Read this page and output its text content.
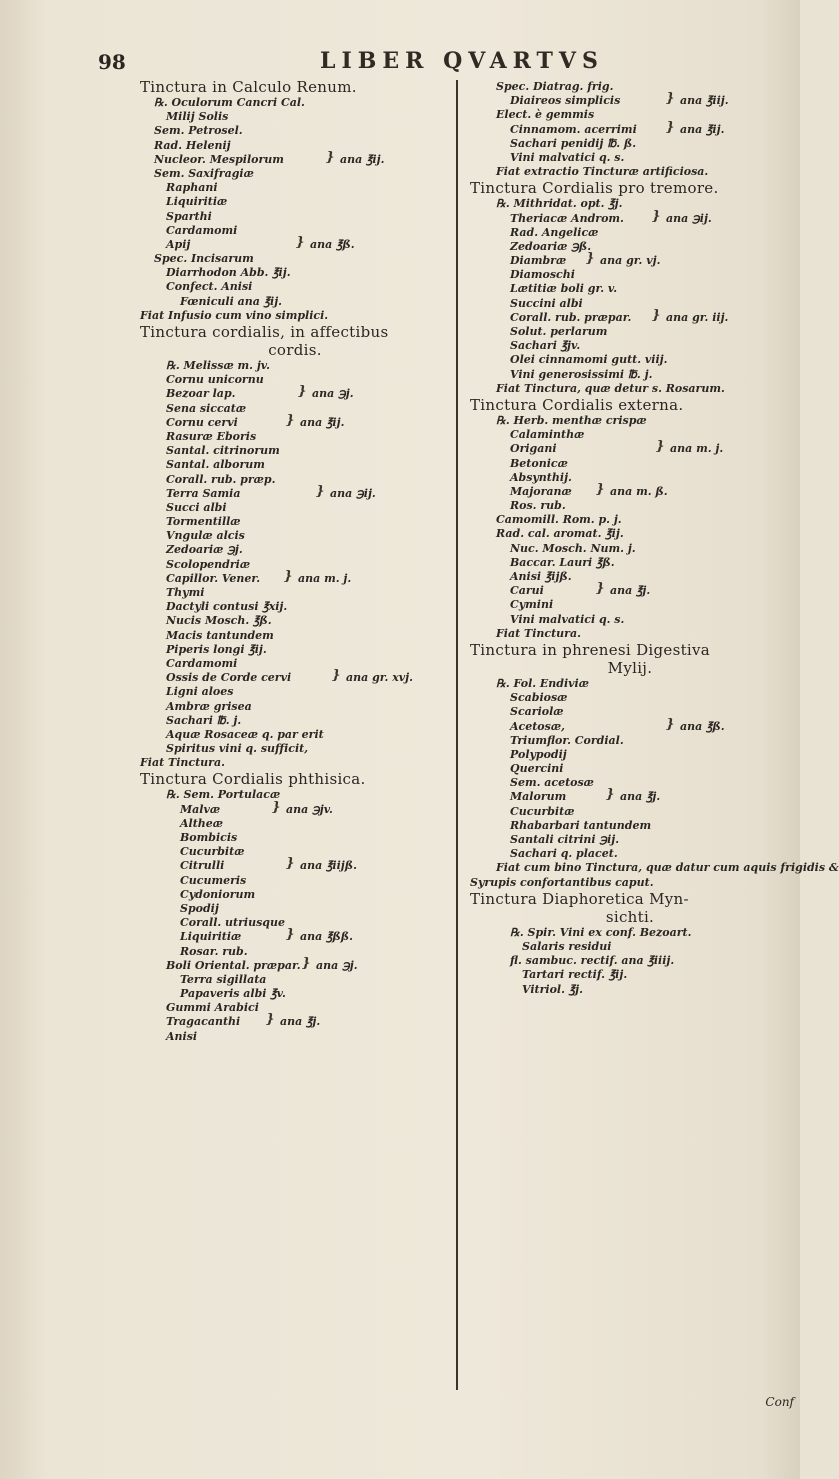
98	LIBER QVARTVS
Tinctura in Calculo Renum.
℞. Oculorum Cancri Cal.
Milij Solis
Sem. Petrosel.
Rad. Helenij
Nucleor. Mespilorum	} ana ℥ij.
Sem. Saxifragiæ
Raphani
Liquiritiæ
Sparthi
Cardamomi
Apij	} ana ℥ß.
Spec. Incisarum
Diarrhodon Abb. ℥ij.
Confect. Anisi
Fœniculi ana ℥ij.
Fiat Infusio cum vino simplici.
Tinctura cordialis, in affectibus
cordis.
℞. Melissæ m. jv.
Cornu unicornu
Bezoar lap.	} ana ℈j.
Sena siccatæ
Cornu cervi	} ana ℥ij.
Rasuræ Eboris
Santal. citrinorum
Santal. alborum
Corall. rub. præp.
Terra Samia	} ana ℈ij.
Succi albi
Tormentillæ
Vngulæ alcis
Zedoariæ ℈j.
Scolopendriæ
Capillor. Vener. } ana m. j.
Thymi
Dactyli contusi ℥xij.
Nucis Mosch. ℥ß.
Macis tantundem
Piperis longi ℥ij.
Cardamomi
Ossis de Corde cervi	} ana gr. xvj.
Ligni aloes
Ambræ grisea
Sachari ℔. j.
Aquæ Rosaceæ q. par erit
Spiritus vini q. sufficit,
Fiat Tinctura.
Tinctura Cordialis phthisica.
℞. Sem. Portulacæ
Malvæ	} ana ℈jv.
Altheæ
Bombicis
Cucurbitæ
Citrulli	} ana ℥iijß.
Cucumeris
Cydoniorum
Spodij
Corall. utriusque
Liquiritiæ	} ana ℥ßß.
Rosar. rub.
Boli Oriental. præpar. } ana ℈j.
Terra sigillata
Papaveris albi ℥v.
Gummi Arabici
Tragacanthi } ana ℥j.
Anisi
Spec. Diatrag. frig.
Diaireos simplicis	} ana ℥iij.
Elect. è gemmis
Cinnamom. acerrimi } ana ℥ij.
Sachari penidij ℔. ß.
Vini malvatici q. s.
Fiat extractio Tincturæ artificiosa.
Tinctura Cordialis pro tremore.
℞. Mithridat. opt. ℥j.
Theriacæ Androm. } ana ℈ij.
Rad. Angelicæ
Zedoariæ ℈ß.
Diambræ } ana gr. vj.
Diamoschi
Lætitiæ boli gr. v.
Succini albi
Corall. rub. præpar. } ana gr. iij.
Solut. perlarum
Sachari ℥jv.
Olei cinnamomi gutt. viij.
Vini generosissimi ℔. j.
Fiat Tinctura, quæ detur s. Rosarum.
Tinctura Cordialis externa.
℞. Herb. menthæ crispæ
Calaminthæ
Origani	} ana m. j.
Betonicæ
Absynthij.
Majoranæ } ana m. ß.
Ros. rub.
Camomill. Rom. p. j.
Rad. cal. aromat. ℥ij.
Nuc. Mosch. Num. j.
Baccar. Lauri ℥ß.
Anisi ℥ijß.
Carui	} ana ℥j.
Cymini
Vini malvatici q. s.
Fiat Tinctura.
Tinctura in phrenesi Digestiva
Mylij.
℞. Fol. Endiviæ
Scabiosæ
Scariolæ
Acetosæ,	} ana ℥ß.
Triumflor. Cordial.
Polypodij
Quercini
Sem. acetosæ
Malorum	} ana ℥j.
Cucurbitæ
Rhabarbari tantundem
Santali citrini ℈ij.
Sachari q. placet.
Fiat cum bino Tinctura, quæ datur cum aquis frigidis &
Syrupis confortantibus caput.
Tinctura Diaphoretica Myn-
sichti.
℞. Spir. Vini ex conf. Bezoart.
Salaris residui
fl. sambuc. rectif. ana ℥iiij.
Tartari rectif. ℥ij.
Vitriol. ℥j.
Conf
